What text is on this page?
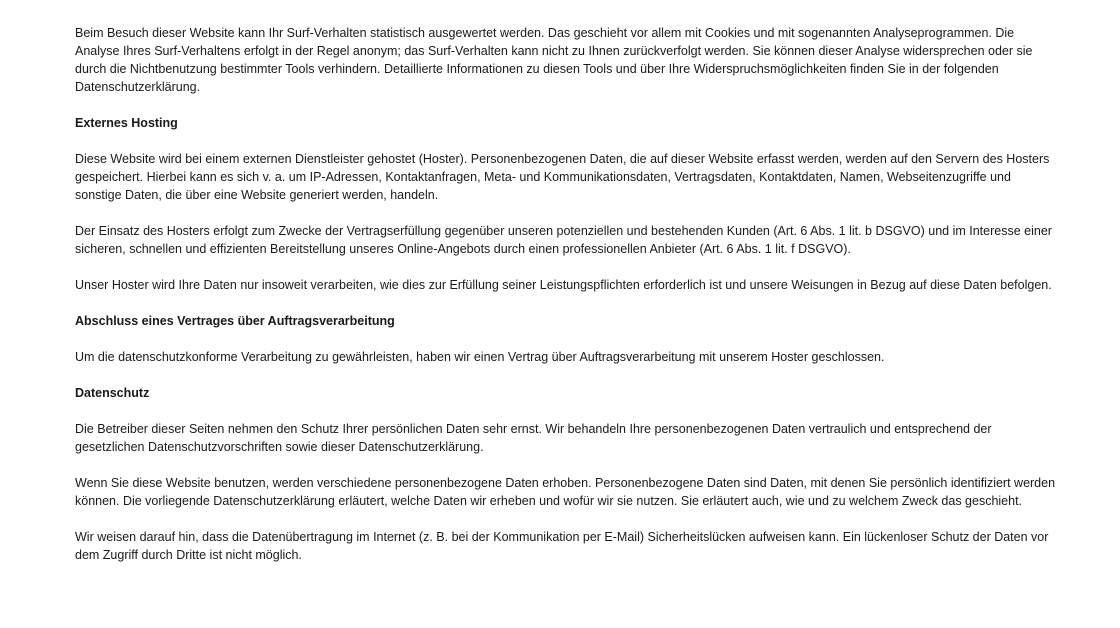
Beim Besuch dieser Website kann Ihr Surf-Verhalten statistisch ausgewertet werden. Das geschieht vor allem mit Cookies und mit sogenannten Analyseprogrammen. Die Analyse Ihres Surf-Verhaltens erfolgt in der Regel anonym; das Surf-Verhalten kann nicht zu Ihnen zurückverfolgt werden. Sie können dieser Analyse widersprechen oder sie durch die Nichtbenutzung bestimmter Tools verhindern. Detaillierte Informationen zu diesen Tools und über Ihre Widerspruchsmöglichkeiten finden Sie in der folgenden Datenschutzerklärung.

Externes Hosting

Diese Website wird bei einem externen Dienstleister gehostet (Hoster). Personenbezogenen Daten, die auf dieser Website erfasst werden, werden auf den Servern des Hosters gespeichert. Hierbei kann es sich v. a. um IP-Adressen, Kontaktanfragen, Meta- und Kommunikationsdaten, Vertragsdaten, Kontaktdaten, Namen, Webseitenzugriffe und sonstige Daten, die über eine Website generiert werden, handeln.

Der Einsatz des Hosters erfolgt zum Zwecke der Vertragserfüllung gegenüber unseren potenziellen und bestehenden Kunden (Art. 6 Abs. 1 lit. b DSGVO) und im Interesse einer sicheren, schnellen und effizienten Bereitstellung unseres Online-Angebots durch einen professionellen Anbieter (Art. 6 Abs. 1 lit. f DSGVO).

Unser Hoster wird Ihre Daten nur insoweit verarbeiten, wie dies zur Erfüllung seiner Leistungspflichten erforderlich ist und unsere Weisungen in Bezug auf diese Daten befolgen.

Abschluss eines Vertrages über Auftragsverarbeitung

Um die datenschutzkonforme Verarbeitung zu gewährleisten, haben wir einen Vertrag über Auftragsverarbeitung mit unserem Hoster geschlossen.

Datenschutz

Die Betreiber dieser Seiten nehmen den Schutz Ihrer persönlichen Daten sehr ernst. Wir behandeln Ihre personenbezogenen Daten vertraulich und entsprechend der gesetzlichen Datenschutzvorschriften sowie dieser Datenschutzerklärung.

Wenn Sie diese Website benutzen, werden verschiedene personenbezogene Daten erhoben. Personenbezogene Daten sind Daten, mit denen Sie persönlich identifiziert werden können. Die vorliegende Datenschutzerklärung erläutert, welche Daten wir erheben und wofür wir sie nutzen. Sie erläutert auch, wie und zu welchem Zweck das geschieht.

Wir weisen darauf hin, dass die Datenübertragung im Internet (z. B. bei der Kommunikation per E-Mail) Sicherheitslücken aufweisen kann. Ein lückenloser Schutz der Daten vor dem Zugriff durch Dritte ist nicht möglich.
